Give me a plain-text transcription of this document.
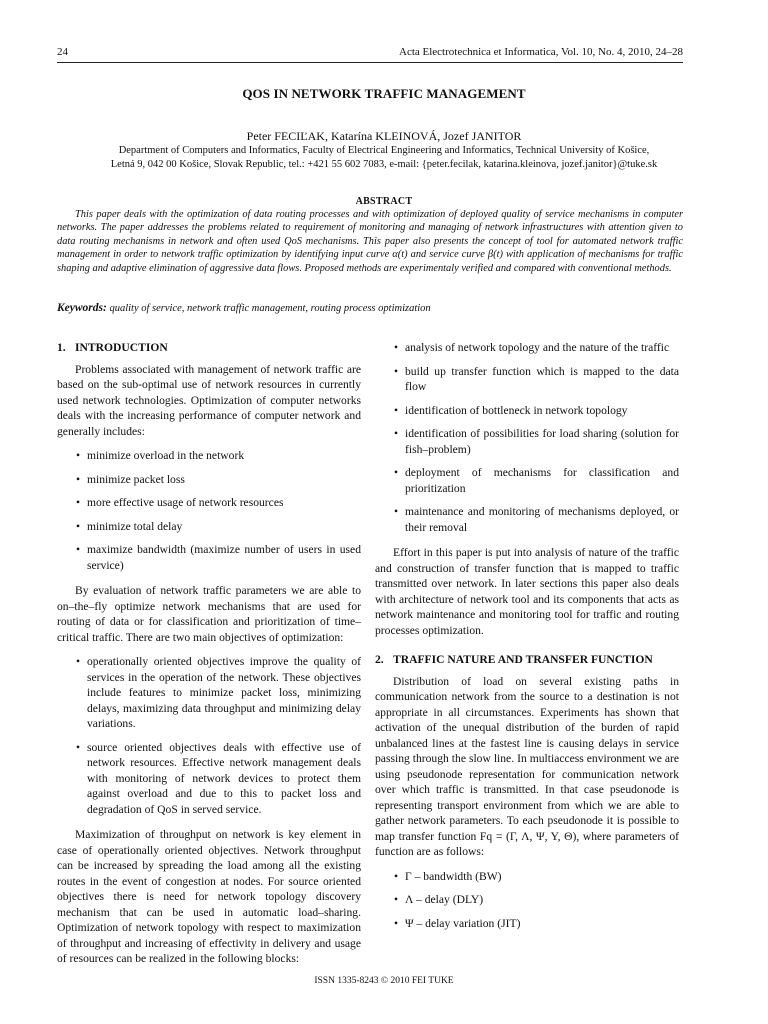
24	Acta Electrotechnica et Informatica, Vol. 10, No. 4, 2010, 24–28
QOS IN NETWORK TRAFFIC MANAGEMENT
Peter FECIĽAK, Katarína KLEINOVÁ, Jozef JANITOR
Department of Computers and Informatics, Faculty of Electrical Engineering and Informatics, Technical University of Košice,
Letná 9, 042 00 Košice, Slovak Republic, tel.: +421 55 602 7083, e-mail: {peter.fecilak, katarina.kleinova, jozef.janitor}@tuke.sk
ABSTRACT

This paper deals with the optimization of data routing processes and with optimization of deployed quality of service mechanisms in computer networks. The paper addresses the problems related to requirement of monitoring and managing of network infrastructures with attention given to data routing mechanisms in network and often used QoS mechanisms. This paper also presents the concept of tool for automated network traffic management in order to network traffic optimization by identifying input curve α(t) and service curve β(t) with application of mechanisms for traffic shaping and adaptive elimination of aggressive data flows. Proposed methods are experimentaly verified and compared with conventional methods.

Keywords: quality of service, network traffic management, routing process optimization
1. INTRODUCTION

Problems associated with management of network traffic are based on the sub-optimal use of network resources in currently used network technologies. Optimization of computer networks deals with the increasing performance of computer network and generally includes:

• minimize overload in the network
• minimize packet loss
• more effective usage of network resources
• minimize total delay
• maximize bandwidth (maximize number of users in used service)

By evaluation of network traffic parameters we are able to on–the–fly optimize network mechanisms that are used for routing of data or for classification and prioritization of time–critical traffic. There are two main objectives of optimization:

• operationally oriented objectives improve the quality of services in the operation of the network. These objectives include features to minimize packet loss, minimizing delays, maximizing data throughput and minimizing delay variations.
• source oriented objectives deals with effective use of network resources. Effective network management deals with monitoring of network devices to protect them against overload and due to this to packet loss and degradation of QoS in served service.

Maximization of throughput on network is key element in case of operationally oriented objectives. Network throughput can be increased by spreading the load among all the existing routes in the event of congestion at nodes. For source oriented objectives there is need for network topology discovery mechanism that can be used in automatic load–sharing. Optimization of network topology with respect to maximization of throughput and increasing of effectivity in delivery and usage of resources can be realized in the following blocks:

• analysis of network topology and the nature of the traffic
• build up transfer function which is mapped to the data flow
• identification of bottleneck in network topology
• identification of possibilities for load sharing (solution for fish–problem)
• deployment of mechanisms for classification and prioritization
• maintenance and monitoring of mechanisms deployed, or their removal

Effort in this paper is put into analysis of nature of the traffic and construction of transfer function that is mapped to traffic transmitted over network. In later sections this paper also deals with architecture of network tool and its components that acts as network maintenance and monitoring tool for traffic and routing processes optimization.

2. TRAFFIC NATURE AND TRANSFER FUNCTION

Distribution of load on several existing paths in communication network from the source to a destination is not appropriate in all circumstances. Experiments has shown that activation of the unequal distribution of the burden of rapid unbalanced lines at the fastest line is causing delays in service passing through the slow line. In multiaccess environment we are using pseudonode representation for communication network over which traffic is transmitted. In that case pseudonode is representing transport environment from which we are able to gather network parameters. To each pseudonode it is possible to map transfer function Fq = (Γ, Λ, Ψ, Υ, Θ), where parameters of function are as follows:

• Γ – bandwidth (BW)
• Λ – delay (DLY)
• Ψ – delay variation (JIT)
ISSN 1335-8243 © 2010 FEI TUKE
